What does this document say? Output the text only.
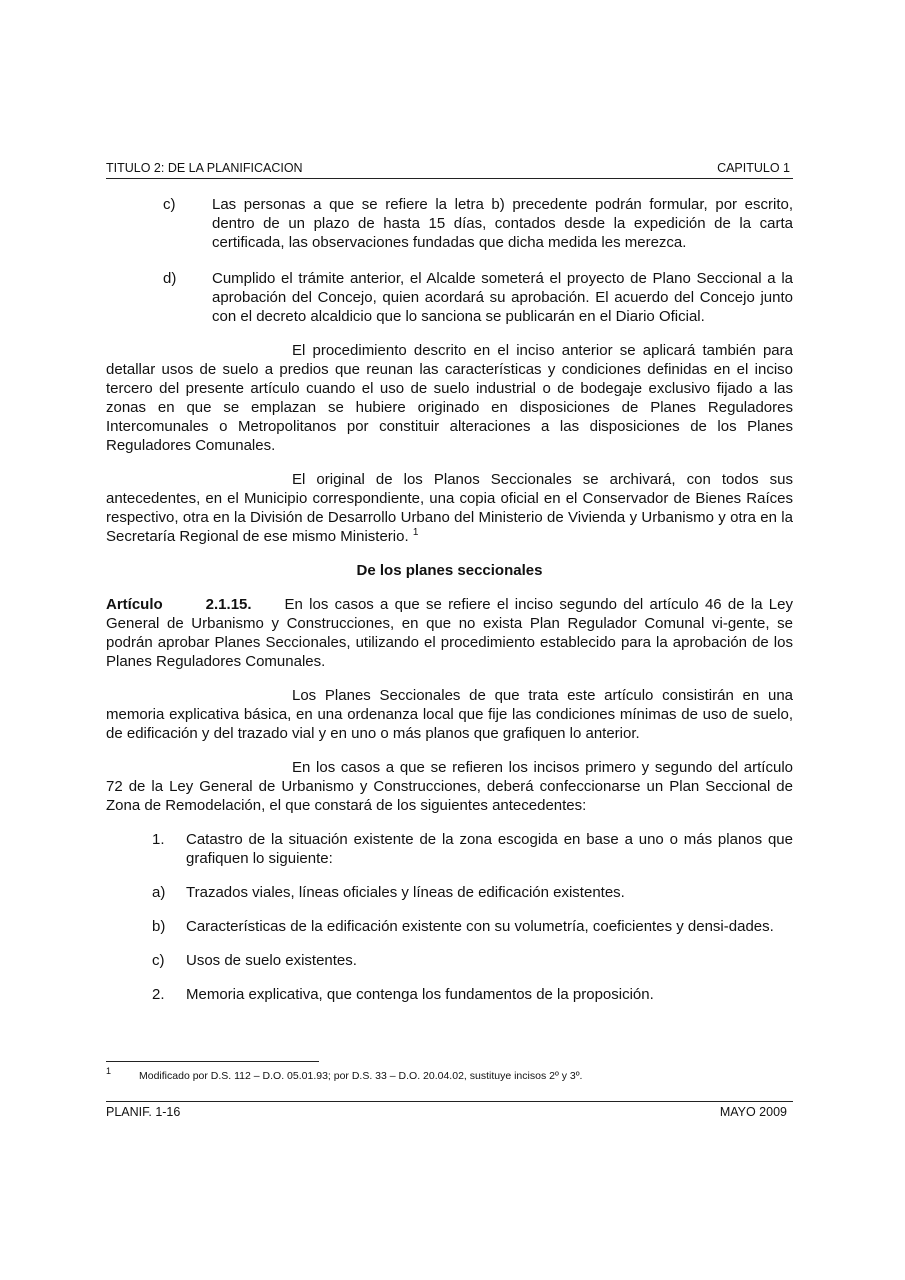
TITULO 2: DE LA PLANIFICACION	CAPITULO 1
c) Las personas a que se refiere la letra b) precedente podrán formular, por escrito, dentro de un plazo de hasta 15 días, contados desde la expedición de la carta certificada, las observaciones fundadas que dicha medida les merezca.
d) Cumplido el trámite anterior, el Alcalde someterá el proyecto de Plano Seccional a la aprobación del Concejo, quien acordará su aprobación. El acuerdo del Concejo junto con el decreto alcaldicio que lo sanciona se publicarán en el Diario Oficial.

El procedimiento descrito en el inciso anterior se aplicará también para detallar usos de suelo a predios que reunan las características y condiciones definidas en el inciso tercero del presente artículo cuando el uso de suelo industrial o de bodegaje exclusivo fijado a las zonas en que se emplazan se hubiere originado en disposiciones de Planes Reguladores Intercomunales o Metropolitanos por constituir alteraciones a las disposiciones de los Planes Reguladores Comunales.

El original de los Planos Seccionales se archivará, con todos sus antecedentes, en el Municipio correspondiente, una copia oficial en el Conservador de Bienes Raíces respectivo, otra en la División de Desarrollo Urbano del Ministerio de Vivienda y Urbanismo y otra en la Secretaría Regional de ese mismo Ministerio. $^1$

De los planes seccionales

Artículo	2.1.15. En los casos a que se refiere el inciso segundo del artículo 46 de la Ley General de Urbanismo y Construcciones, en que no exista Plan Regulador Comunal vi-gente, se podrán aprobar Planes Seccionales, utilizando el procedimiento establecido para la aprobación de los Planes Reguladores Comunales.

Los Planes Seccionales de que trata este artículo consistirán en una memoria explicativa básica, en una ordenanza local que fije las condiciones mínimas de uso de suelo, de edificación y del trazado vial y en uno o más planos que grafiquen lo anterior.

En los casos a que se refieren los incisos primero y segundo del artículo 72 de la Ley General de Urbanismo y Construcciones, deberá confeccionarse un Plan Seccional de Zona de Remodelación, el que constará de los siguientes antecedentes:

1. Catastro de la situación existente de la zona escogida en base a uno o más planos que grafiquen lo siguiente:
a) Trazados viales, líneas oficiales y líneas de edificación existentes.
b) Características de la edificación existente con su volumetría, coeficientes y densi-dades.
c) Usos de suelo existentes.
2. Memoria explicativa, que contenga los fundamentos de la proposición.
1	Modificado por D.S. 112 – D.O. 05.01.93; por D.S. 33 – D.O. 20.04.02, sustituye incisos 2º y 3º.
PLANIF. 1-16	MAYO 2009
